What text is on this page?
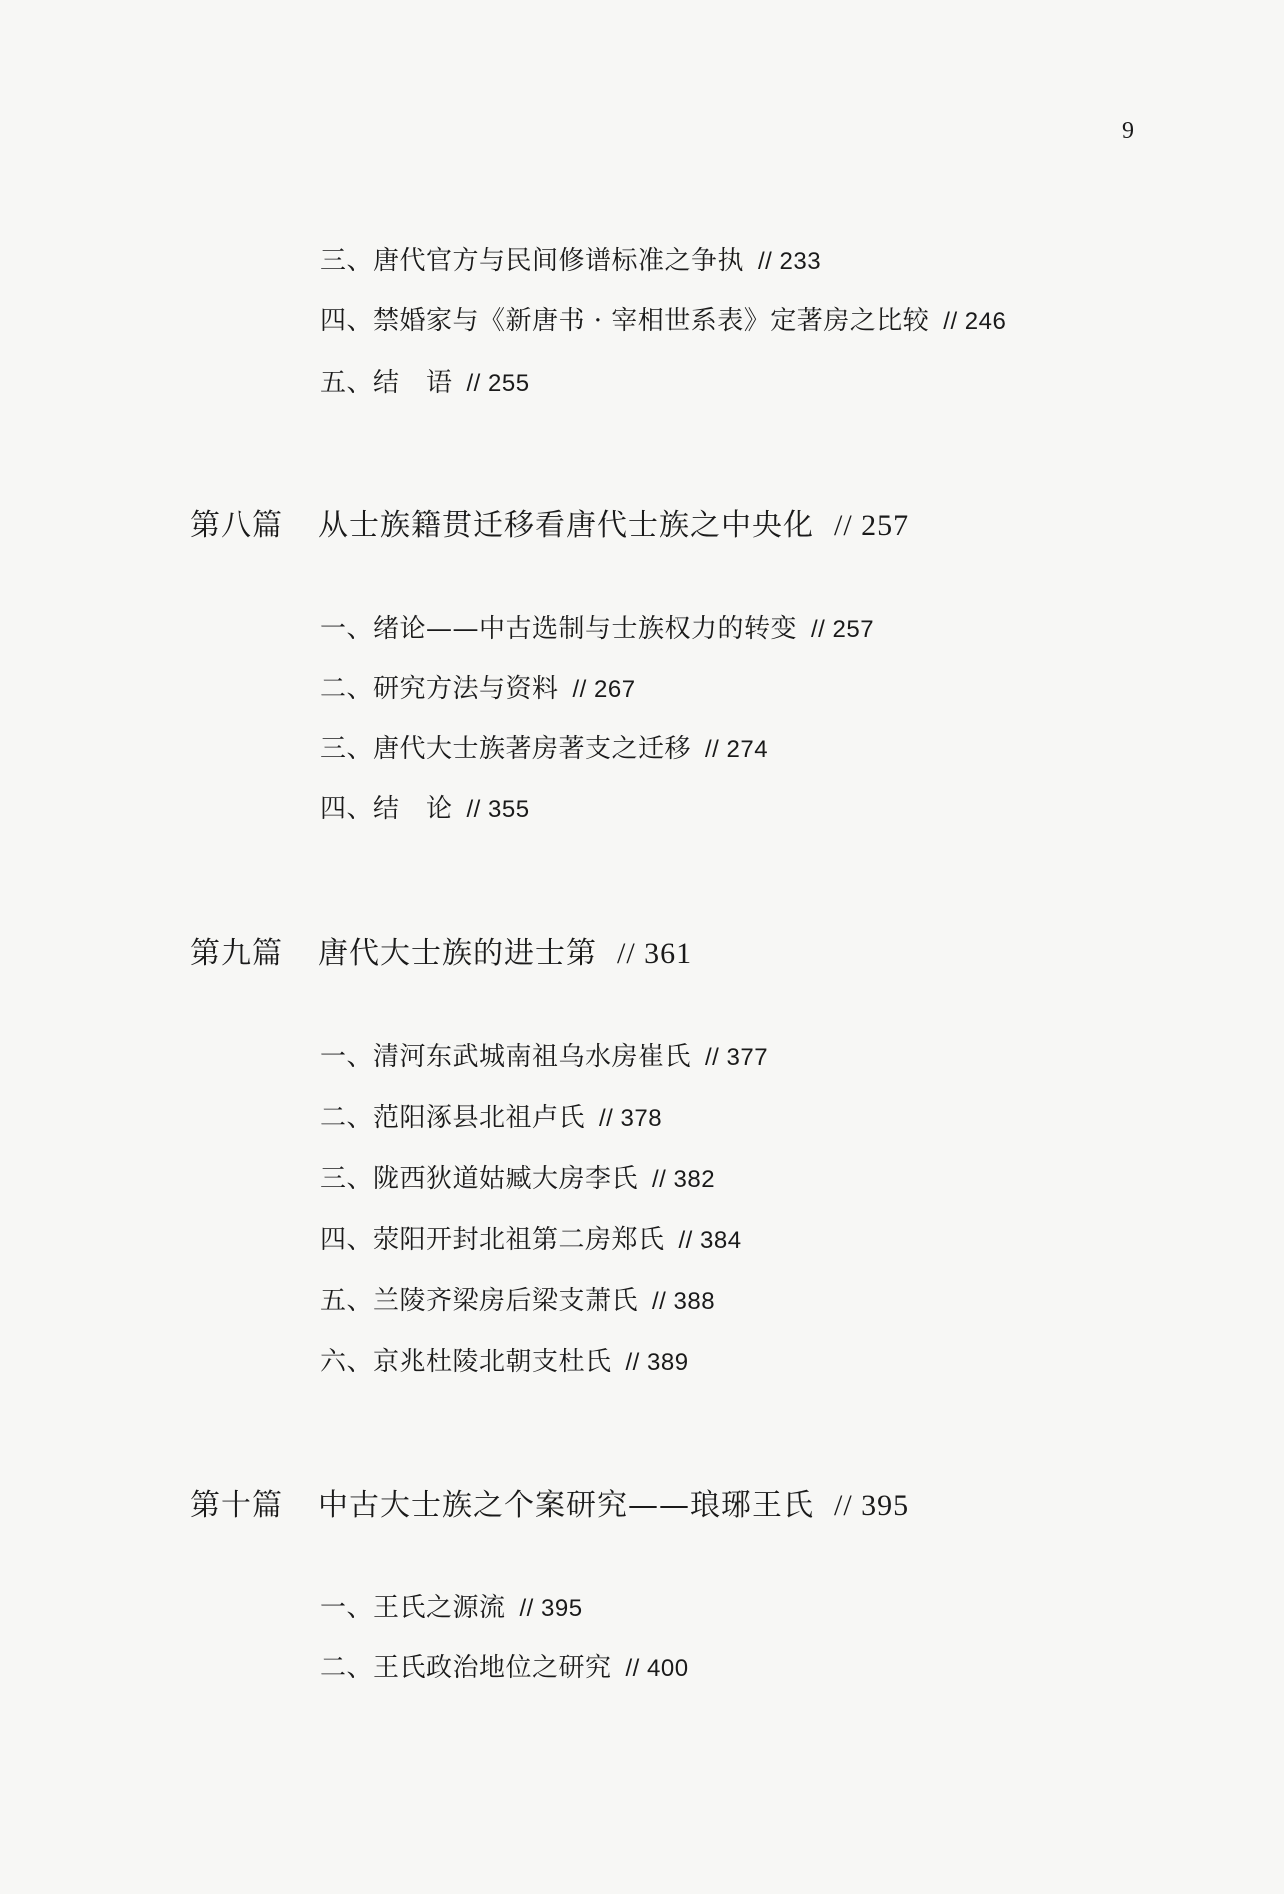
9
三、唐代官方与民间修谱标准之争执 // 233
四、禁婚家与《新唐书 · 宰相世系表》定著房之比较 // 246
五、结　语 // 255
第八篇 从士族籍贯迁移看唐代士族之中央化 // 257
一、绪论——中古选制与士族权力的转变 // 257
二、研究方法与资料 // 267
三、唐代大士族著房著支之迁移 // 274
四、结　论 // 355
第九篇 唐代大士族的进士第 // 361
一、清河东武城南祖乌水房崔氏 // 377
二、范阳涿县北祖卢氏 // 378
三、陇西狄道姑臧大房李氏 // 382
四、荥阳开封北祖第二房郑氏 // 384
五、兰陵齐梁房后梁支萧氏 // 388
六、京兆杜陵北朝支杜氏 // 389
第十篇 中古大士族之个案研究——琅琊王氏 // 395
一、王氏之源流 // 395
二、王氏政治地位之研究 // 400
